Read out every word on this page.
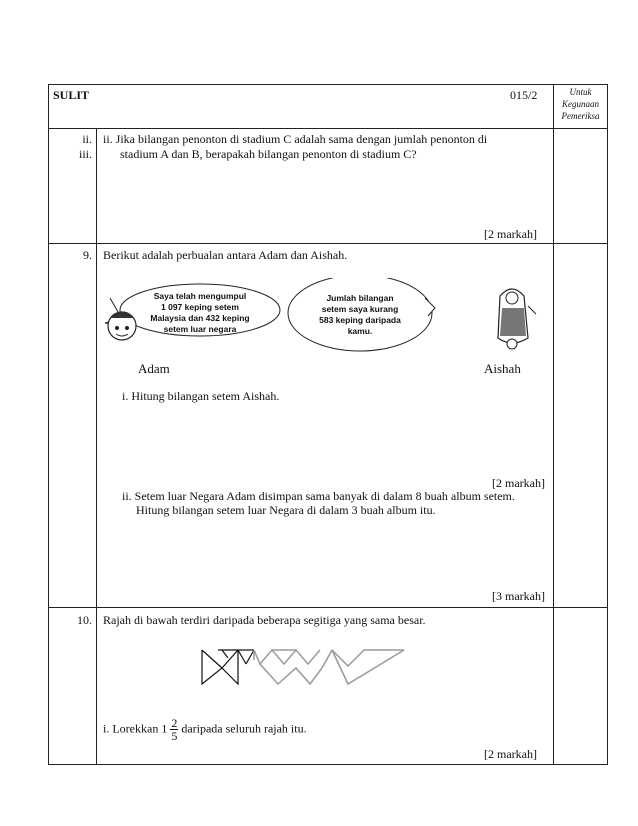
SULIT	015/2	Untuk
Kegunaan
Pemeriksa
ii.
iii.
ii. Jika bilangan penonton di stadium C adalah sama dengan jumlah penonton di
stadium A dan B, berapakah bilangan penonton di stadium C?
[2 markah]
9. Berikut adalah perbualan antara Adam dan Aishah.
Saya telah mengumpul
1 097 keping setem
Malaysia dan 432 keping
setem luar negara
Jumlah bilangan
setem saya kurang
583 keping daripada
kamu.
Adam	Aishah
i. Hitung bilangan setem Aishah.
[2 markah]
ii. Setem luar Negara Adam disimpan sama banyak di dalam 8 buah album setem.
Hitung bilangan setem luar Negara di dalam 3 buah album itu.
[3 markah]
10. Rajah di bawah terdiri daripada beberapa segitiga yang sama besar.
i. Lorekkan $1 \frac{2}{5}$ daripada seluruh rajah itu.
[2 markah]
